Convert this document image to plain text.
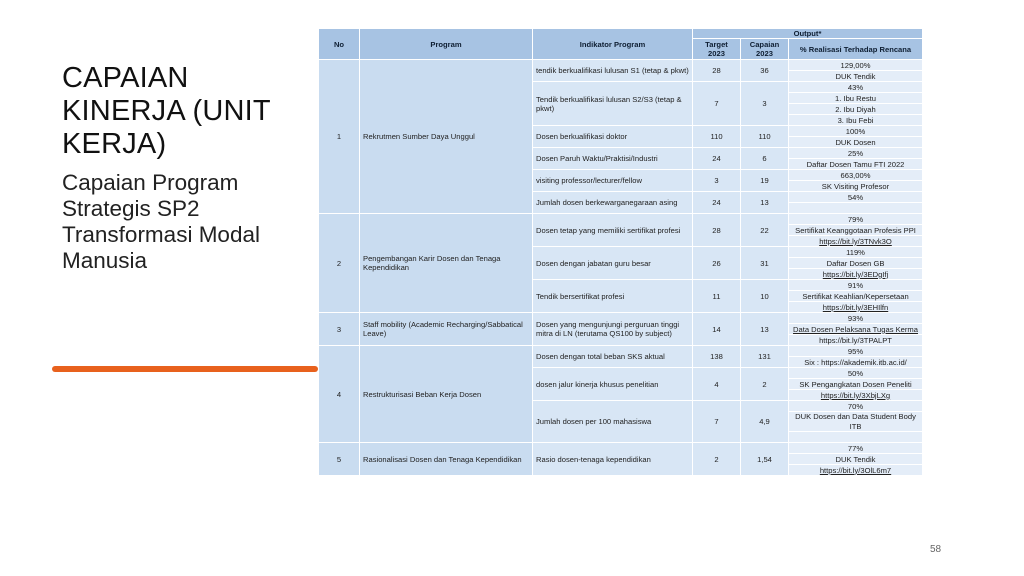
CAPAIAN KINERJA (UNIT KERJA)
Capaian Program Strategis SP2 Transformasi Modal Manusia
58
No	Program	Indikator Program	Output*		
			Target 2023	Capaian 2023	% Realisasi Terhadap Rencana
1	Rekrutmen Sumber Daya Unggul	tendik berkualifikasi lulusan S1 (tetap & pkwt)	28	36	129,00%
					DUK Tendik
		Tendik berkualifikasi lulusan S2/S3 (tetap & pkwt)	7	3	43%
					1. Ibu Restu
					2. Ibu Diyah
					3. Ibu Febi
		Dosen berkualifikasi doktor	110	110	100%
					DUK Dosen
		Dosen Paruh Waktu/Praktisi/Industri	24	6	25%
					Daftar Dosen Tamu FTI 2022
		visiting professor/lecturer/fellow	3	19	663,00%
					SK Visiting Profesor
		Jumlah dosen berkewarganegaraan asing	24	13	54%

2	Pengembangan Karir Dosen dan Tenaga Kependidikan	Dosen tetap yang memiliki sertifikat profesi	28	22	79%
					Sertifikat Keanggotaan Profesis PPI
					https://bit.ly/3TNvk3O
		Dosen dengan jabatan guru besar	26	31	119%
					Daftar Dosen GB
					https://bit.ly/3EDgIfj
		Tendik bersertifikat profesi	11	10	91%
					Sertifikat Keahlian/Kepersetaan
					https://bit.ly/3EHIlfn
3	Staff mobility (Academic Recharging/Sabbatical Leave)	Dosen yang mengunjungi perguruan tinggi mitra di LN (terutama QS100 by subject)	14	13	93%
					Data Dosen Pelaksana Tugas Kerma
					https://bit.ly/3TPALPT
4	Restrukturisasi Beban Kerja Dosen	Dosen dengan total beban SKS aktual	138	131	95%
					Six : https://akademik.itb.ac.id/
		dosen jalur kinerja khusus penelitian	4	2	50%
					SK Pengangkatan Dosen Peneliti
					https://bit.ly/3XbjLXg
		Jumlah dosen per 100 mahasiswa	7	4,9	70%
					DUK Dosen dan Data Student Body ITB

5	Rasionalisasi Dosen dan Tenaga Kependidikan	Rasio dosen-tenaga kependidikan	2	1,54	77%
					DUK Tendik
					https://bit.ly/3OlL6m7
